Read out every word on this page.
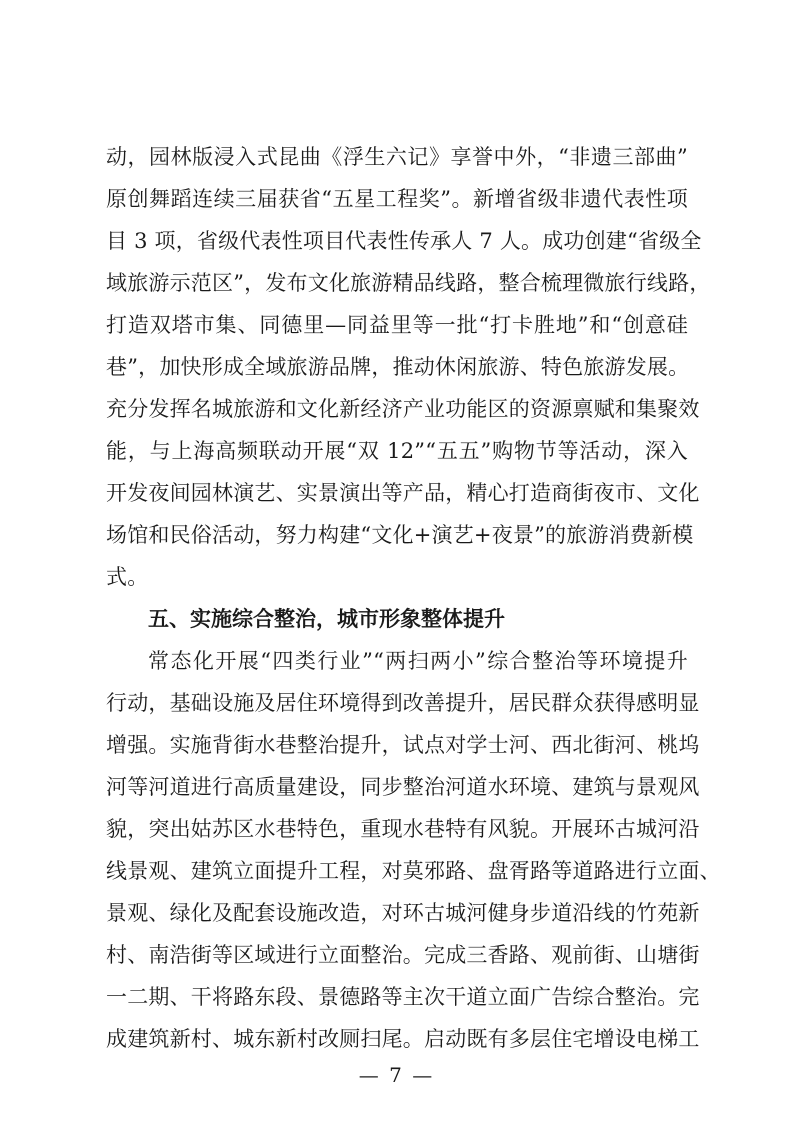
动，园林版浸入式昆曲《浮生六记》享誉中外，“非遗三部曲”
原创舞蹈连续三届获省“五星工程奖”。新增省级非遗代表性项
目 3 项，省级代表性项目代表性传承人 7 人。成功创建“省级全
域旅游示范区”，发布文化旅游精品线路，整合梳理微旅行线路，
打造双塔市集、同德里—同益里等一批“打卡胜地”和“创意硅
巷”，加快形成全域旅游品牌，推动休闲旅游、特色旅游发展。
充分发挥名城旅游和文化新经济产业功能区的资源禀赋和集聚效
能，与上海高频联动开展“双 12”“五五”购物节等活动，深入
开发夜间园林演艺、实景演出等产品，精心打造商街夜市、文化
场馆和民俗活动，努力构建“文化+演艺+夜景”的旅游消费新模
式。
五、实施综合整治，城市形象整体提升
常态化开展“四类行业”“两扫两小”综合整治等环境提升
行动，基础设施及居住环境得到改善提升，居民群众获得感明显
增强。实施背街水巷整治提升，试点对学士河、西北街河、桃坞
河等河道进行高质量建设，同步整治河道水环境、建筑与景观风
貌，突出姑苏区水巷特色，重现水巷特有风貌。开展环古城河沿
线景观、建筑立面提升工程，对莫邪路、盘胥路等道路进行立面、
景观、绿化及配套设施改造，对环古城河健身步道沿线的竹苑新
村、南浩街等区域进行立面整治。完成三香路、观前街、山塘街
一二期、干将路东段、景德路等主次干道立面广告综合整治。完
成建筑新村、城东新村改厕扫尾。启动既有多层住宅增设电梯工
— 7 —
